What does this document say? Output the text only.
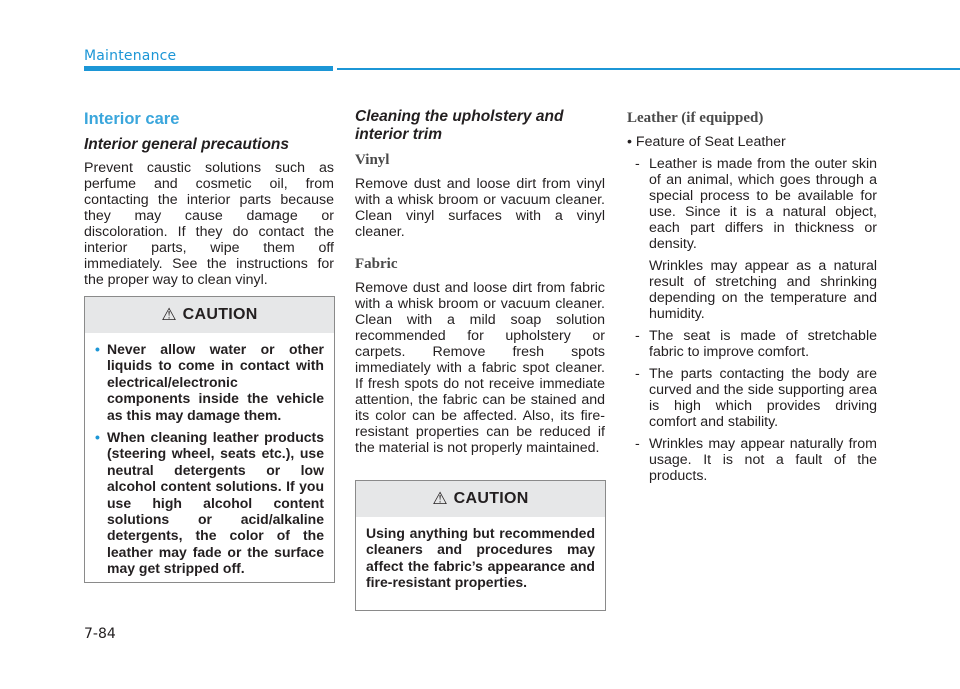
Maintenance
Interior care
Interior general precautions

Prevent caustic solutions such as perfume and cosmetic oil, from contacting the interior parts because they may cause damage or discoloration. If they do contact the interior parts, wipe them off immediately. See the instructions for the proper way to clean vinyl.

⚠ CAUTION
• Never allow water or other liquids to come in contact with electrical/electronic components inside the vehicle as this may damage them.
• When cleaning leather products (steering wheel, seats etc.), use neutral detergents or low alcohol content solutions. If you use high alcohol content solutions or acid/alkaline detergents, the color of the leather may fade or the surface may get stripped off.
Cleaning the upholstery and interior trim
Vinyl

Remove dust and loose dirt from vinyl with a whisk broom or vacuum cleaner. Clean vinyl surfaces with a vinyl cleaner.

Fabric

Remove dust and loose dirt from fabric with a whisk broom or vacuum cleaner. Clean with a mild soap solution recommended for upholstery or carpets. Remove fresh spots immediately with a fabric spot cleaner. If fresh spots do not receive immediate attention, the fabric can be stained and its color can be affected. Also, its fire-resistant properties can be reduced if the material is not properly maintained.

⚠ CAUTION
Using anything but recommended cleaners and procedures may affect the fabric’s appearance and fire-resistant properties.
Leather (if equipped)
• Feature of Seat Leather
- Leather is made from the outer skin of an animal, which goes through a special process to be available for use. Since it is a natural object, each part differs in thickness or density.
Wrinkles may appear as a natural result of stretching and shrinking depending on the temperature and humidity.
- The seat is made of stretchable fabric to improve comfort.
- The parts contacting the body are curved and the side supporting area is high which provides driving comfort and stability.
- Wrinkles may appear naturally from usage. It is not a fault of the products.
7-84
